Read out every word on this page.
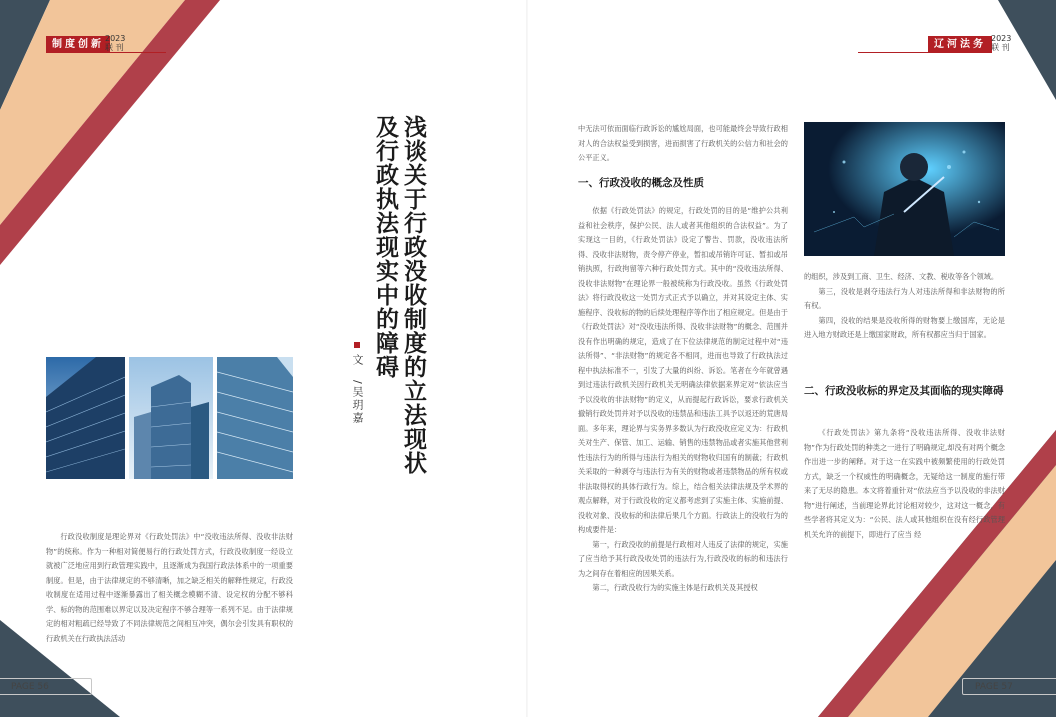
制度创新
2023
联 刊
浅谈关于行政没收制度的立法现状
及行政执法现实中的障碍
文　/吴玥嘉

行政没收制度是理论界对《行政处罚法》中“没收违法所得、没收非法财物”的统称。作为一种相对简便易行的行政处罚方式，行政没收制度一经设立就被广泛地应用到行政管理实践中，且逐渐成为我国行政法体系中的一项重要制度。但是，由于法律规定的不够清晰，加之缺乏相关的解释性规定，行政没收制度在适用过程中逐渐暴露出了相关概念模糊不清、设定权的分配不够科学、标的物的范围难以界定以及决定程序不够合理等一系列不足。由于法律规定的相对粗疏已经导致了不同法律规范之间相互冲突，偶尔会引发具有职权的行政机关在行政执法活动

PAGE 56
辽河法务
2023
联 刊

中无法可依而面临行政诉讼的尴尬局面，也可能最终会导致行政相对人的合法权益受到损害，进而损害了行政机关的公信力和社会的公平正义。

一、行政没收的概念及性质

依据《行政处罚法》的规定，行政处罚的目的是“维护公共利益和社会秩序，保护公民、法人或者其他组织的合法权益”。为了实现这一目的，《行政处罚法》设定了警告、罚款，没收违法所得、没收非法财物，责令停产停业，暂扣或吊销许可证、暂扣或吊销执照，行政拘留等六种行政处罚方式。其中的“没收违法所得、没收非法财物”在理论界一般被统称为行政没收。虽然《行政处罚法》将行政没收这一处罚方式正式予以确立，并对其设定主体、实施程序、没收标的物的后续处理程序等作出了相应规定。但是由于《行政处罚法》对“没收违法所得、没收非法财物”的概念、范围并没有作出明确的规定，造成了在下位法律规范的制定过程中对“违法所得”、“非法财物”的规定各不相同，进而也导致了行政执法过程中执法标准不一，引发了大量的纠纷、诉讼。笔者在今年就曾遇到过违法行政机关因行政机关无明确法律依据来界定对“依法应当予以没收的非法财物”的定义，从而提起行政诉讼，要求行政机关撤销行政处罚并对予以没收的违禁品和违法工具予以返还的荒唐局面。多年来，理论界与实务界多数认为行政没收应定义为：行政机关对生产、保管、加工、运输、销售的违禁物品或者实施其他营利性违法行为的所得与违法行为相关的财物收归国有的制裁；行政机关采取的一种剥夺与违法行为有关的财物或者违禁物品的所有权或非法取得权的具体行政行为。综上，结合相关法律法规及学术界的观点解释，对于行政没收的定义都考虑到了实施主体、实施前提、没收对象、没收标的和法律后果几个方面。行政法上的没收行为的构成要件是：

第一，行政没收的前提是行政相对人违反了法律的规定，实施了应当给予其行政没收处罚的违法行为,行政没收的标的和违法行为之间存在着相应的因果关系。

第二，行政没收行为的实施主体是行政机关及其授权

的组织，涉及到工商、卫生、经济、文教、税收等各个领域。

第三，没收是剥夺违法行为人对违法所得和非法财物的所有权。

第四，没收的结果是没收所得的财物要上缴国库，无论是进入地方财政还是上缴国家财政，所有权都应当归于国家。

二、行政没收标的界定及其面临的现实障碍

《行政处罚法》第九条将“没收违法所得、没收非法财物”作为行政处罚的种类之一进行了明确规定,却没有对两个概念作出进一步的阐释。对于这一在实践中被频繁使用的行政处罚方式，缺乏一个权威性的明确概念，无疑给这一制度的施行带来了无尽的隐患。本文将着重针对“依法应当予以没收的非法财物”进行阐述，当前理论界此讨论相对较少，这对这一概念，有些学者将其定义为：“公民、法人或其他组织在没有经行政管理机关允许的前提下，即进行了应当 经

PAGE 57
